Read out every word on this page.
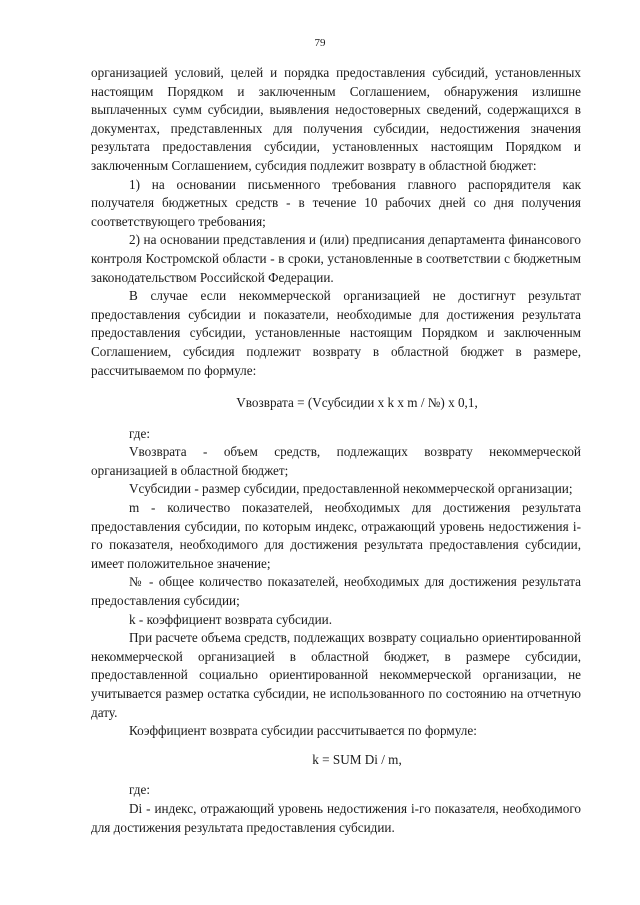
79

организацией условий, целей и порядка предоставления субсидий, установленных настоящим Порядком и заключенным Соглашением, обнаружения излишне выплаченных сумм субсидии, выявления недостоверных сведений, содержащихся в документах, представленных для получения субсидии, недостижения значения результата предоставления субсидии, установленных настоящим Порядком и заключенным Соглашением, субсидия подлежит возврату в областной бюджет:

1) на основании письменного требования главного распорядителя как получателя бюджетных средств - в течение 10 рабочих дней со дня получения соответствующего требования;

2) на основании представления и (или) предписания департамента финансового контроля Костромской области - в сроки, установленные в соответствии с бюджетным законодательством Российской Федерации.

В случае если некоммерческой организацией не достигнут результат предоставления субсидии и показатели, необходимые для достижения результата предоставления субсидии, установленные настоящим Порядком и заключенным Соглашением, субсидия подлежит возврату в областной бюджет в размере, рассчитываемом по формуле:

Vвозврата = (Vсубсидии x k x m / №) x 0,1,

где:

Vвозврата - объем средств, подлежащих возврату некоммерческой организацией в областной бюджет;

Vсубсидии - размер субсидии, предоставленной некоммерческой организации;

m - количество показателей, необходимых для достижения результата предоставления субсидии, по которым индекс, отражающий уровень недостижения i-го показателя, необходимого для достижения результата предоставления субсидии, имеет положительное значение;

№ - общее количество показателей, необходимых для достижения результата предоставления субсидии;

k - коэффициент возврата субсидии.

При расчете объема средств, подлежащих возврату социально ориентированной некоммерческой организацией в областной бюджет, в размере субсидии, предоставленной социально ориентированной некоммерческой организации, не учитывается размер остатка субсидии, не использованного по состоянию на отчетную дату.

Коэффициент возврата субсидии рассчитывается по формуле:

k = SUM Di / m,

где:

Di - индекс, отражающий уровень недостижения i-го показателя, необходимого для достижения результата предоставления субсидии.
